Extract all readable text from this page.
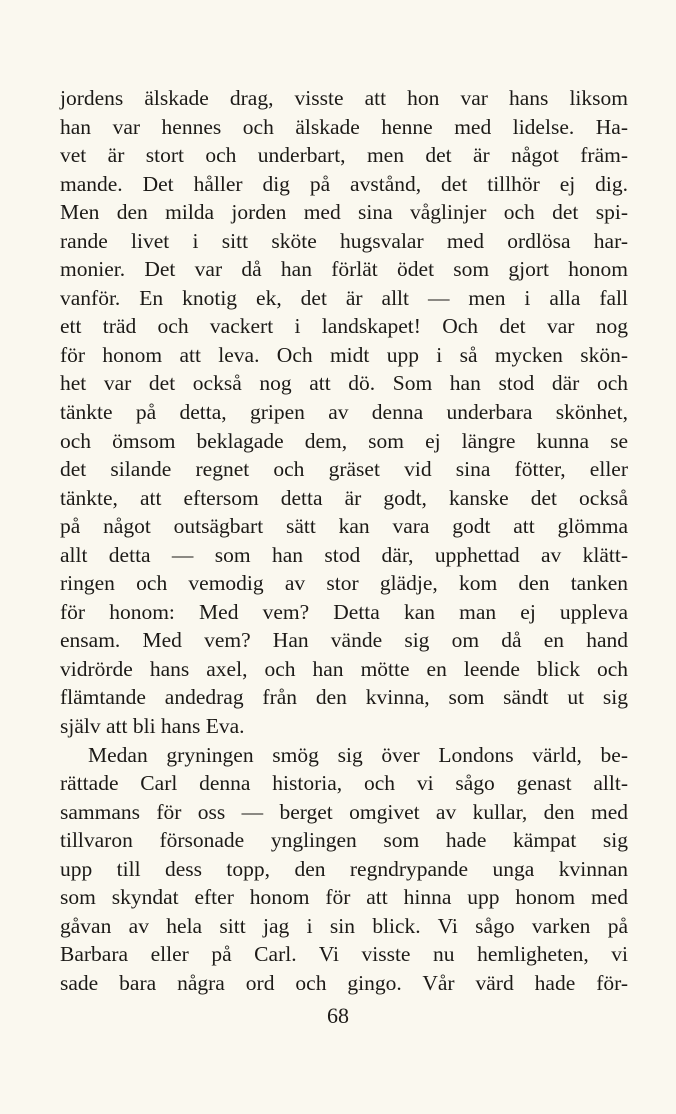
jordens älskade drag, visste att hon var hans liksom
han var hennes och älskade henne med lidelse. Ha-
vet är stort och underbart, men det är något främ-
mande. Det håller dig på avstånd, det tillhör ej dig.
Men den milda jorden med sina våglinjer och det spi-
rande livet i sitt sköte hugsvalar med ordlösa har-
monier. Det var då han förlät ödet som gjort honom
vanför. En knotig ek, det är allt — men i alla fall
ett träd och vackert i landskapet! Och det var nog
för honom att leva. Och midt upp i så mycken skön-
het var det också nog att dö. Som han stod där och
tänkte på detta, gripen av denna underbara skönhet,
och ömsom beklagade dem, som ej längre kunna se
det silande regnet och gräset vid sina fötter, eller
tänkte, att eftersom detta är godt, kanske det också
på något outsägbart sätt kan vara godt att glömma
allt detta — som han stod där, upphettad av klätt-
ringen och vemodig av stor glädje, kom den tanken
för honom: Med vem? Detta kan man ej uppleva
ensam. Med vem? Han vände sig om då en hand
vidrörde hans axel, och han mötte en leende blick och
flämtande andedrag från den kvinna, som sändt ut sig
själv att bli hans Eva.
Medan gryningen smög sig över Londons värld, be-
rättade Carl denna historia, och vi sågo genast allt-
sammans för oss — berget omgivet av kullar, den med
tillvaron försonade ynglingen som hade kämpat sig
upp till dess topp, den regndrypande unga kvinnan
som skyndat efter honom för att hinna upp honom med
gåvan av hela sitt jag i sin blick. Vi sågo varken på
Barbara eller på Carl. Vi visste nu hemligheten, vi
sade bara några ord och gingo. Vår värd hade för-
68
